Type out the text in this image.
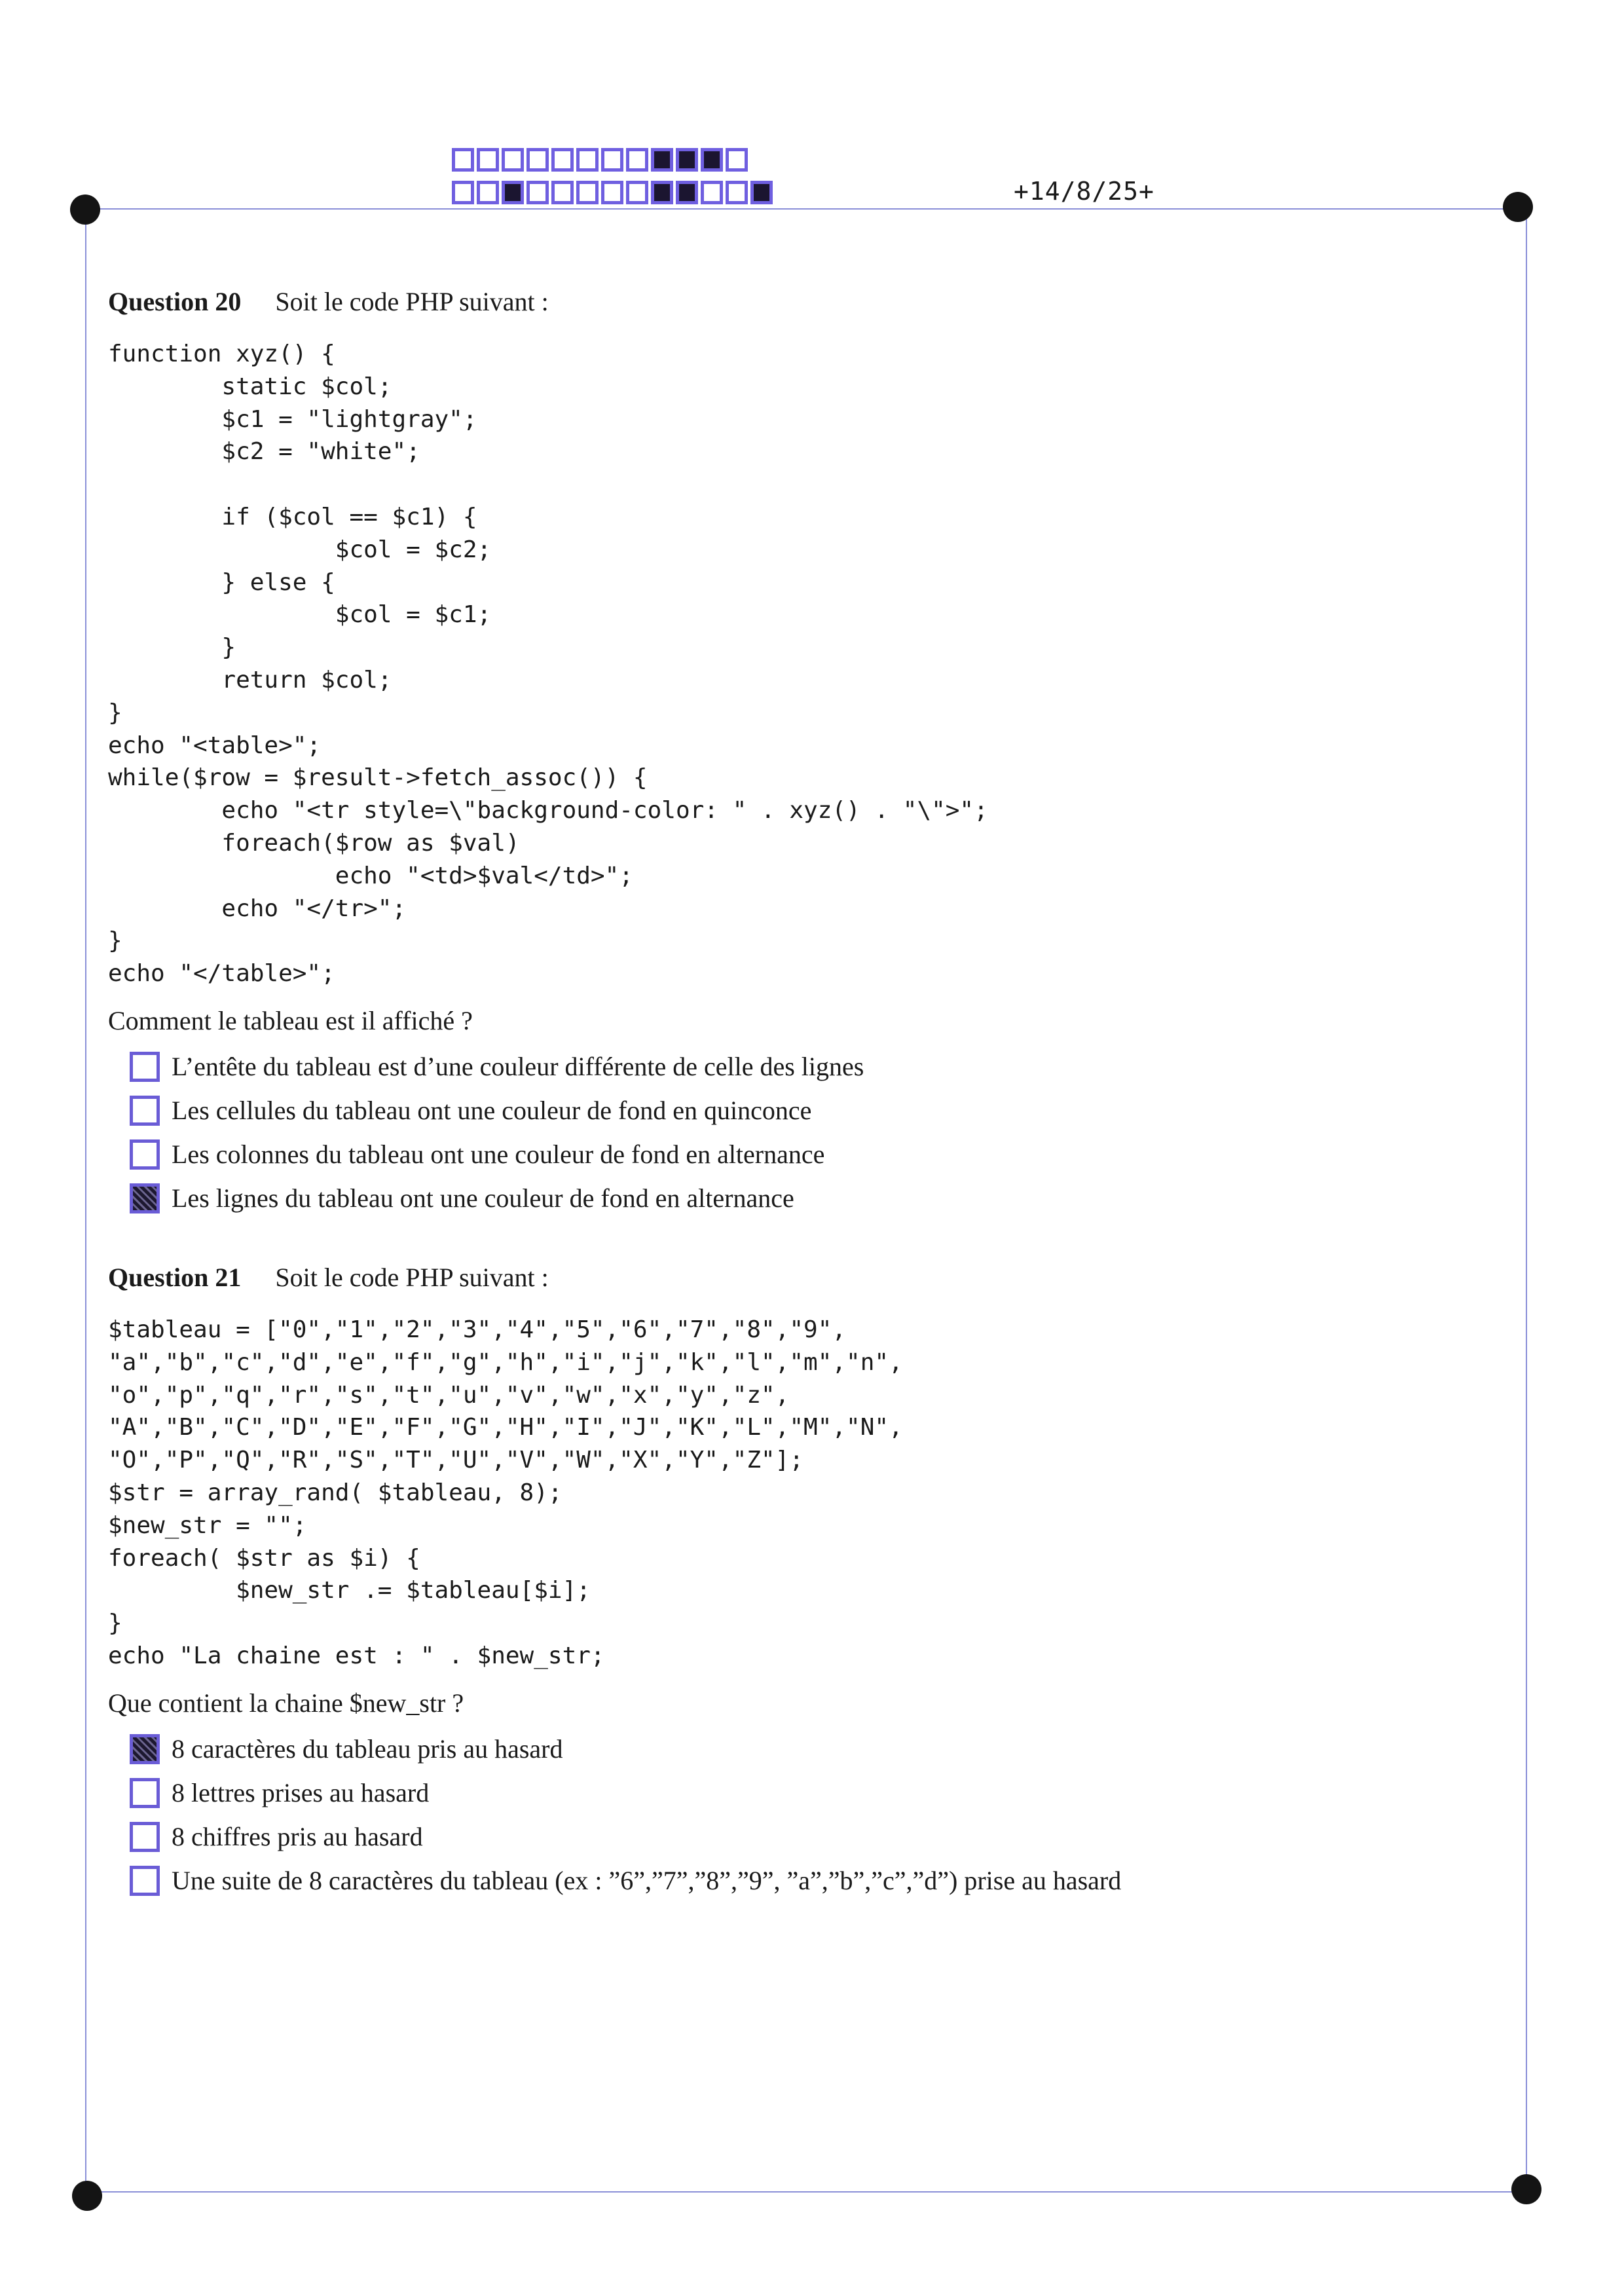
+14/8/25+
Question 20 Soit le code PHP suivant :
function xyz() {
static $col;
$c1 = "lightgray";
$c2 = "white";

if ($col == $c1) {
$col = $c2;
} else {
$col = $c1;
}
return $col;
}
echo "<table>";
while($row = $result->fetch_assoc()) {
echo "<tr style=\"background-color: " . xyz() . "\">";
foreach($row as $val)
echo "<td>$val</td>";
echo "</tr>";
}
echo "</table>";
Comment le tableau est il affiché ?
L’entête du tableau est d’une couleur différente de celle des lignes
Les cellules du tableau ont une couleur de fond en quinconce
Les colonnes du tableau ont une couleur de fond en alternance
Les lignes du tableau ont une couleur de fond en alternance
Question 21 Soit le code PHP suivant :
$tableau = ["0","1","2","3","4","5","6","7","8","9",
"a","b","c","d","e","f","g","h","i","j","k","l","m","n",
"o","p","q","r","s","t","u","v","w","x","y","z",
"A","B","C","D","E","F","G","H","I","J","K","L","M","N",
"O","P","Q","R","S","T","U","V","W","X","Y","Z"];
$str = array_rand( $tableau, 8);
$new_str = "";
foreach( $str as $i) {
$new_str .= $tableau[$i];
}
echo "La chaine est : " . $new_str;
Que contient la chaine $new_str ?
8 caractères du tableau pris au hasard
8 lettres prises au hasard
8 chiffres pris au hasard
Une suite de 8 caractères du tableau (ex : ”6”,”7”,”8”,”9”, ”a”,”b”,”c”,”d”) prise au hasard
